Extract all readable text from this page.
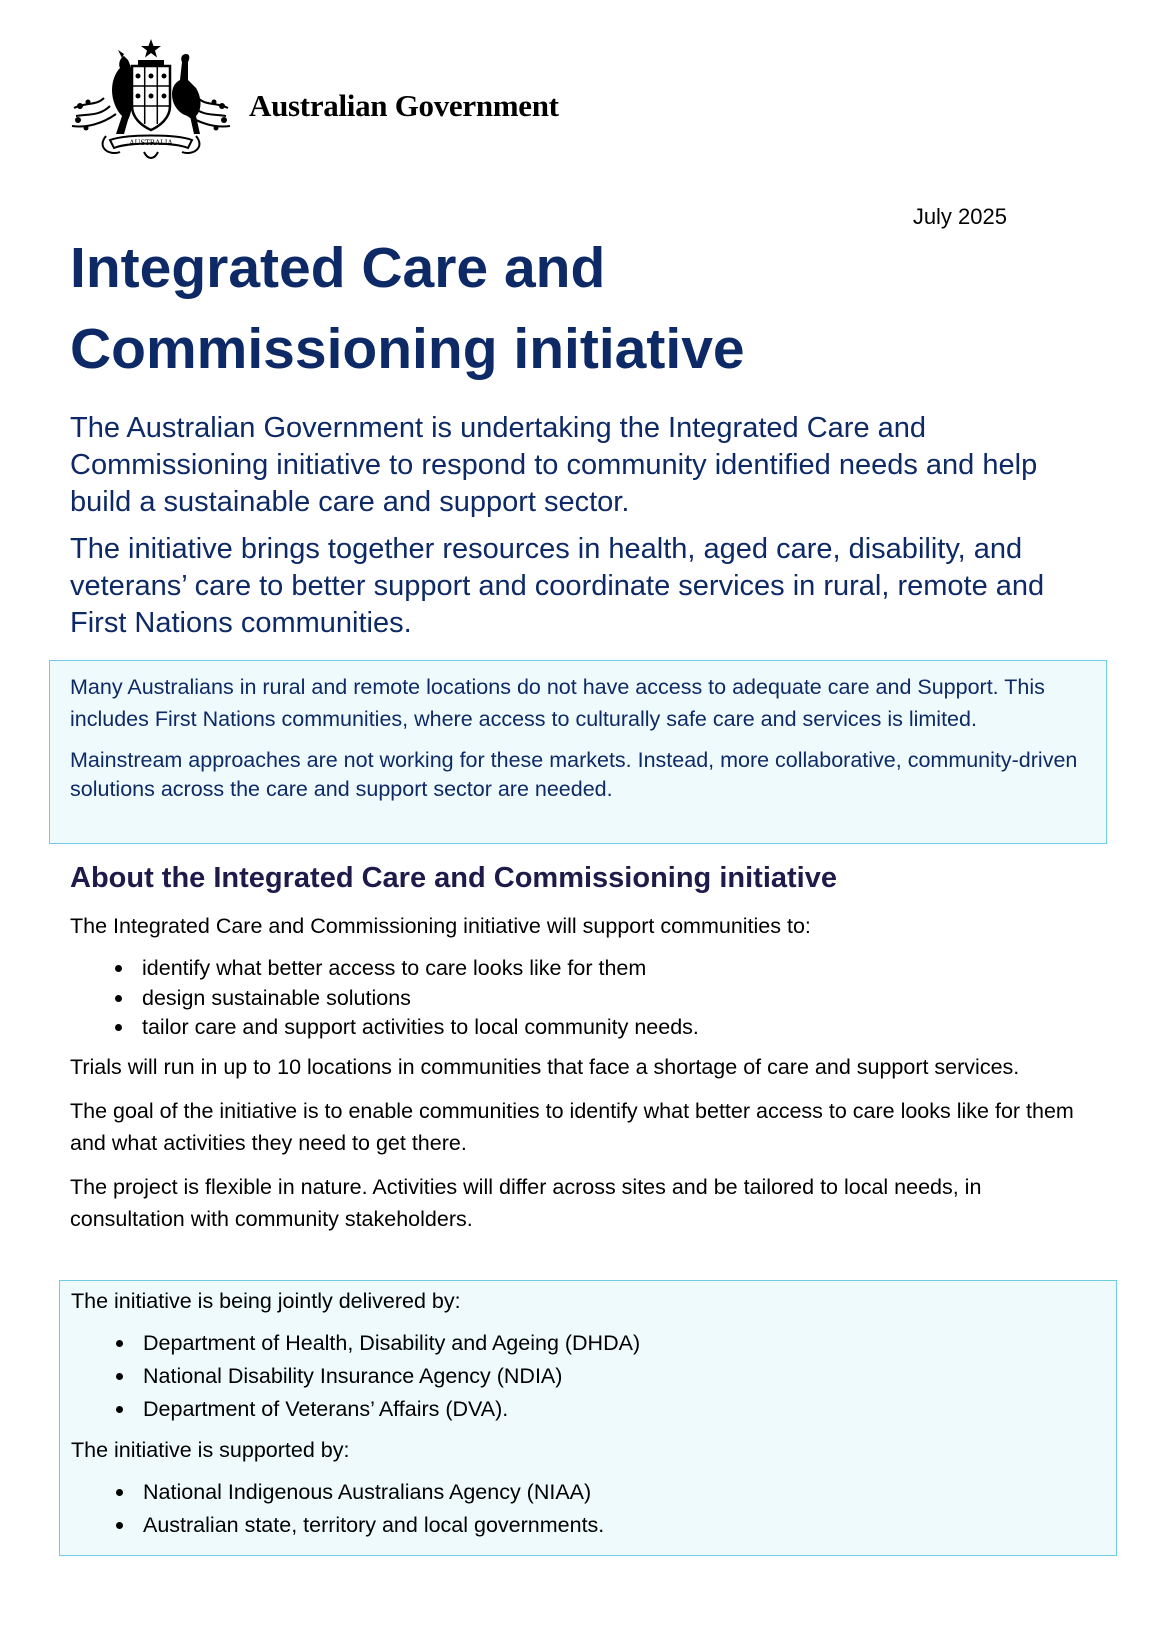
AUSTRALIA
Australian Government
July 2025
Integrated Care and
Commissioning initiative

The Australian Government is undertaking the Integrated Care and Commissioning initiative to respond to community identified needs and help build a sustainable care and support sector.

The initiative brings together resources in health, aged care, disability, and veterans’ care to better support and coordinate services in rural, remote and First Nations communities.

Many Australians in rural and remote locations do not have access to adequate care and Support. This includes First Nations communities, where access to culturally safe care and services is limited.

Mainstream approaches are not working for these markets. Instead, more collaborative, community-driven solutions across the care and support sector are needed.

About the Integrated Care and Commissioning initiative

The Integrated Care and Commissioning initiative will support communities to:

identify what better access to care looks like for them
design sustainable solutions
tailor care and support activities to local community needs.

Trials will run in up to 10 locations in communities that face a shortage of care and support services.

The goal of the initiative is to enable communities to identify what better access to care looks like for them and what activities they need to get there.

The project is flexible in nature. Activities will differ across sites and be tailored to local needs, in consultation with community stakeholders.

The initiative is being jointly delivered by:

Department of Health, Disability and Ageing (DHDA)
National Disability Insurance Agency (NDIA)
Department of Veterans’ Affairs (DVA).

The initiative is supported by:

National Indigenous Australians Agency (NIAA)
Australian state, territory and local governments.
